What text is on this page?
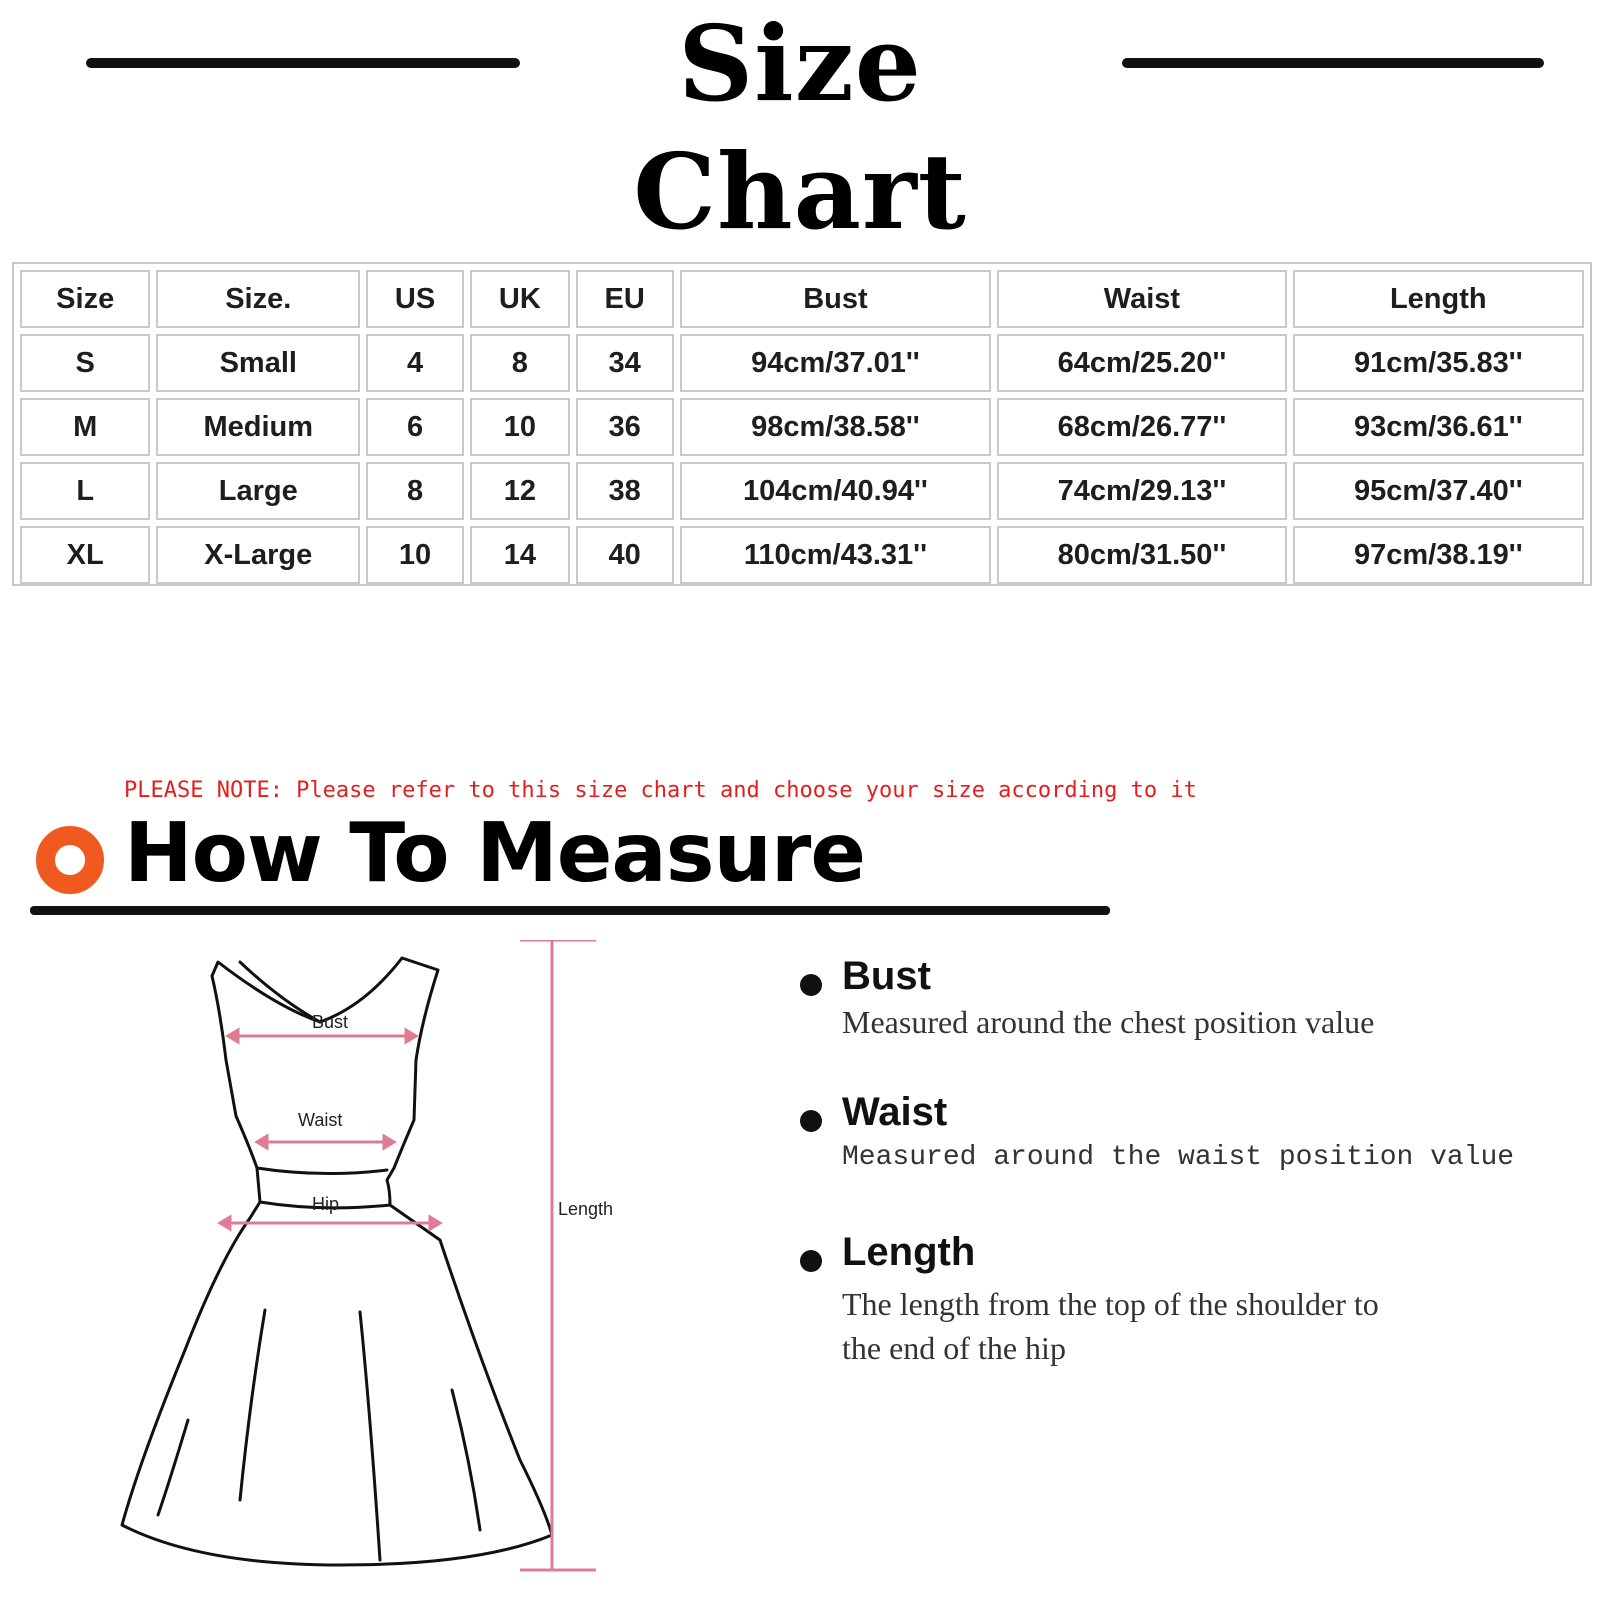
Size Chart
Size	Size.	US	UK	EU	Bust	Waist	Length
S	Small	4	8	34	94cm/37.01''	64cm/25.20''	91cm/35.83''
M	Medium	6	10	36	98cm/38.58''	68cm/26.77''	93cm/36.61''
L	Large	8	12	38	104cm/40.94''	74cm/29.13''	95cm/37.40''
XL	X-Large	10	14	40	110cm/43.31''	80cm/31.50''	97cm/38.19''
PLEASE NOTE: Please refer to this size chart and choose your size according to it
How To Measure
Bust
Waist
Hip	Length
Bust
Measured around the chest position value
Waist
Measured around the waist position value
Length
The length from the top of the shoulder to
the end of the hip
